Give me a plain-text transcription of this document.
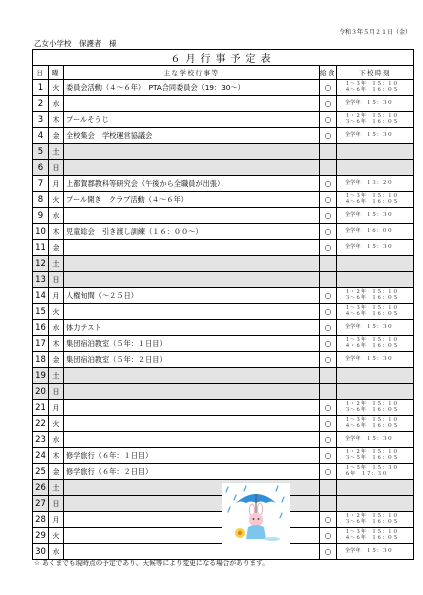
令和３年５月２１日（金）
乙女小学校　保護者　様
６月行事予定表				
日	曜	主な学校行事等	給食	下校時刻
1	火	委員会活動（４〜６年）　PTA合同委員会（19：30〜）	○	１〜３年　１５：１０
４〜６年　１６：０５

2	水		○	全学年　１５：３０

3	木	プールそうじ	○	１・２年　１５：１０
３〜６年　１６：０５

4	金	全校集会　学校運営協議会	○	全学年　１５：３０

5	土			
6	日			
7	月	上都賀郡教科等研究会（午後から全職員が出張）	○	全学年　１３：２０

8	火	プール開き　クラブ活動（４〜６年）	○	１〜３年　１５：１０
４〜６年　１６：０５

9	水		○	全学年　１５：３０

10	木	児童総会　引き渡し訓練（１６：００〜）	○	全学年　１６：００

11	金		○	全学年　１５：３０

12	土			
13	日			
14	月	人権旬間（〜２５日）	○	１・２年　１５：１０
３〜６年　１６：０５

15	火		○	１〜３年　１５：１０
４〜６年　１６：０５

16	水	体力テスト	○	全学年　１５：３０

17	木	集団宿泊教室（５年：１日目）	○	１〜３年　１５：１０
４・６年　１６：０５

18	金	集団宿泊教室（５年：２日目）	○	全学年　１５：３０

19	土			
20	日			
21	月		○	１・２年　１５：１０
３〜６年　１６：０５

22	火		○	１〜３年　１５：１０
４〜６年　１６：０５

23	水		○	全学年　１５：３０

24	木	修学旅行（６年：１日目）	○	１・２年　１５：１０
３〜５年　１６：０５

25	金	修学旅行（６年：２日目）	○	１〜５年　１５：３０
６年　１７：３０

26	土			
27	日			
28	月		○	１・２年　１５：１０
３〜６年　１６：０５

29	火		○	１〜３年　１５：１０
４〜６年　１６：０５

30	水		○	全学年　１５：３０
☆ あくまでも現時点の予定であり、天候等により変更になる場合があります。
